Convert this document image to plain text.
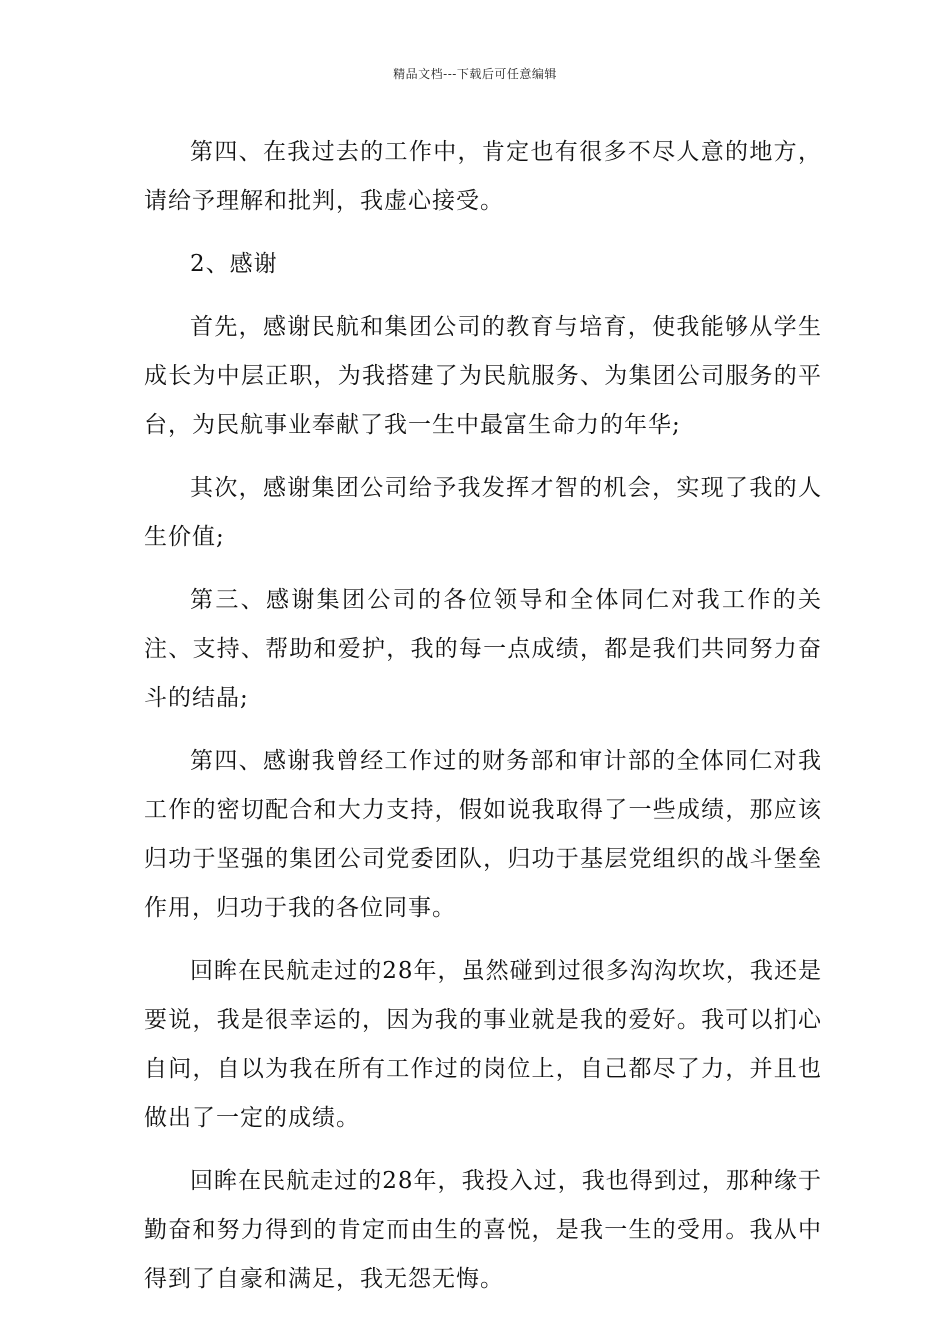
精品文档---下载后可任意编辑

第四、在我过去的工作中，肯定也有很多不尽人意的地方，请给予理解和批判，我虚心接受。

2、感谢

首先，感谢民航和集团公司的教育与培育，使我能够从学生成长为中层正职，为我搭建了为民航服务、为集团公司服务的平台，为民航事业奉献了我一生中最富生命力的年华;

其次，感谢集团公司给予我发挥才智的机会，实现了我的人生价值;

第三、感谢集团公司的各位领导和全体同仁对我工作的关注、支持、帮助和爱护，我的每一点成绩，都是我们共同努力奋斗的结晶;

第四、感谢我曾经工作过的财务部和审计部的全体同仁对我工作的密切配合和大力支持，假如说我取得了一些成绩，那应该归功于坚强的集团公司党委团队，归功于基层党组织的战斗堡垒作用，归功于我的各位同事。

回眸在民航走过的28年，虽然碰到过很多沟沟坎坎，我还是要说，我是很幸运的，因为我的事业就是我的爱好。我可以扪心自问，自以为我在所有工作过的岗位上，自己都尽了力，并且也做出了一定的成绩。

回眸在民航走过的28年，我投入过，我也得到过，那种缘于勤奋和努力得到的肯定而由生的喜悦，是我一生的受用。我从中得到了自豪和满足，我无怨无悔。
